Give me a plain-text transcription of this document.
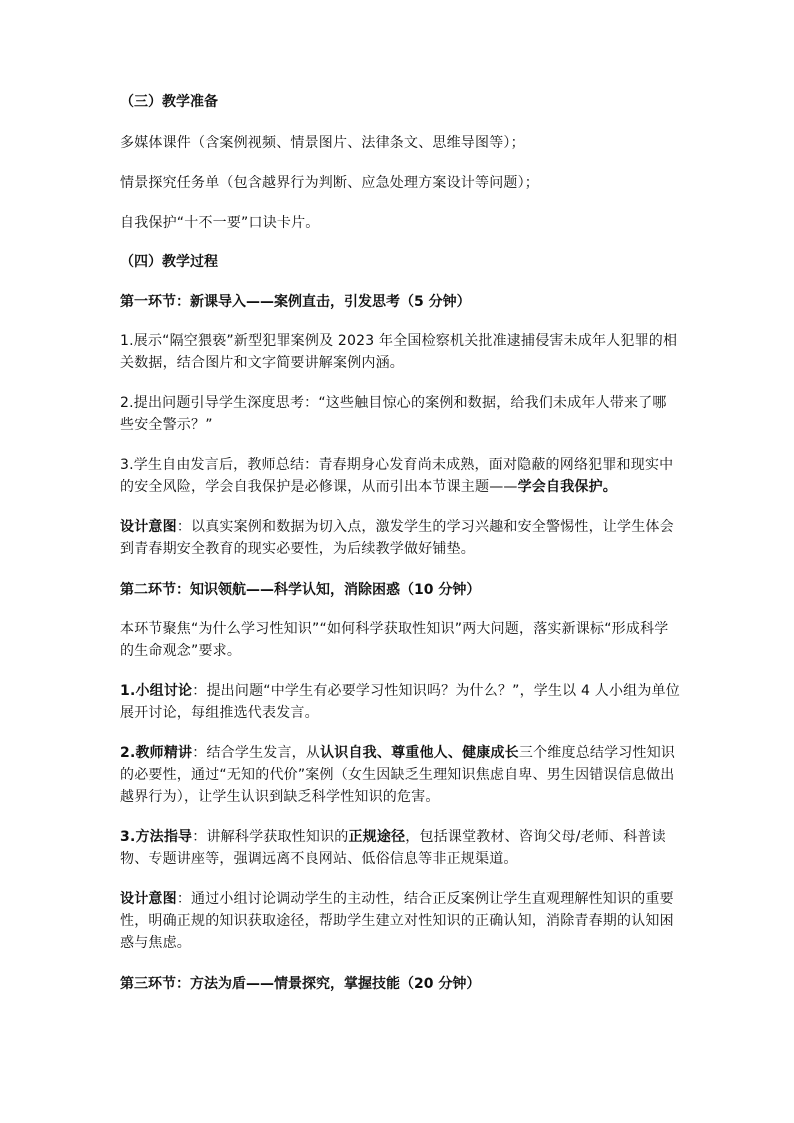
（三）教学准备

多媒体课件（含案例视频、情景图片、法律条文、思维导图等）；

情景探究任务单（包含越界行为判断、应急处理方案设计等问题）；

自我保护“十不一要”口诀卡片。

（四）教学过程

第一环节：新课导入——案例直击，引发思考（5 分钟）

1.展示“隔空猥亵”新型犯罪案例及 2023 年全国检察机关批准逮捕侵害未成年人犯罪的相关数据，结合图片和文字简要讲解案例内涵。

2.提出问题引导学生深度思考：“这些触目惊心的案例和数据，给我们未成年人带来了哪些安全警示？”

3.学生自由发言后，教师总结：青春期身心发育尚未成熟，面对隐蔽的网络犯罪和现实中的安全风险，学会自我保护是必修课，从而引出本节课主题——学会自我保护。

设计意图：以真实案例和数据为切入点，激发学生的学习兴趣和安全警惕性，让学生体会到青春期安全教育的现实必要性，为后续教学做好铺垫。

第二环节：知识领航——科学认知，消除困惑（10 分钟）

本环节聚焦“为什么学习性知识”“如何科学获取性知识”两大问题，落实新课标“形成科学的生命观念”要求。

1.小组讨论：提出问题“中学生有必要学习性知识吗？为什么？”，学生以 4 人小组为单位展开讨论，每组推选代表发言。

2.教师精讲：结合学生发言，从认识自我、尊重他人、健康成长三个维度总结学习性知识的必要性，通过“无知的代价”案例（女生因缺乏生理知识焦虑自卑、男生因错误信息做出越界行为），让学生认识到缺乏科学性知识的危害。

3.方法指导：讲解科学获取性知识的正规途径，包括课堂教材、咨询父母/老师、科普读物、专题讲座等，强调远离不良网站、低俗信息等非正规渠道。

设计意图：通过小组讨论调动学生的主动性，结合正反案例让学生直观理解性知识的重要性，明确正规的知识获取途径，帮助学生建立对性知识的正确认知，消除青春期的认知困惑与焦虑。

第三环节：方法为盾——情景探究，掌握技能（20 分钟）
